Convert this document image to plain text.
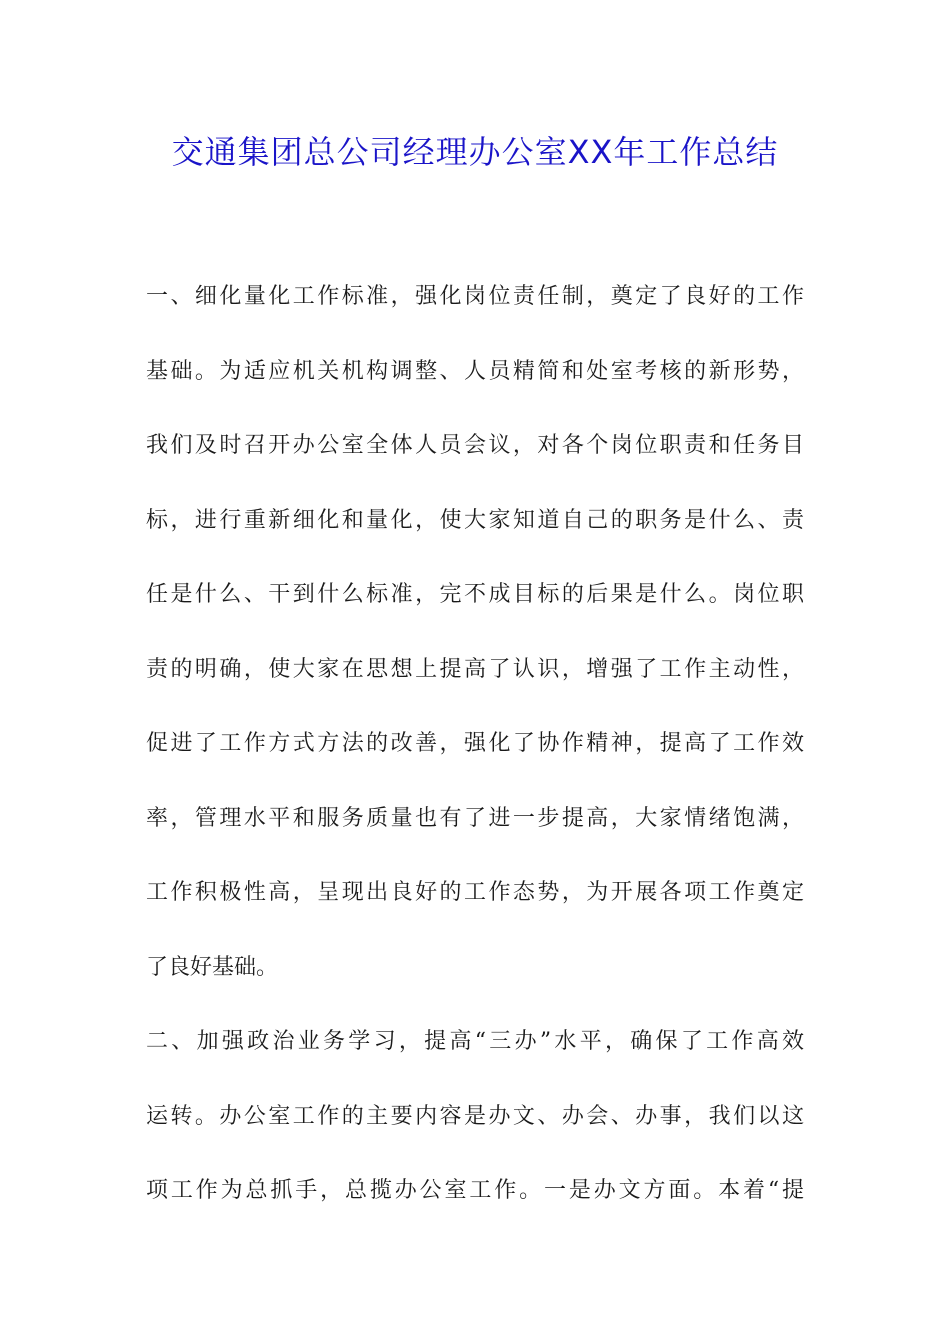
交通集团总公司经理办公室XX年工作总结
一、细化量化工作标准，强化岗位责任制，奠定了良好的工作
基础。为适应机关机构调整、人员精简和处室考核的新形势，
我们及时召开办公室全体人员会议，对各个岗位职责和任务目
标，进行重新细化和量化，使大家知道自己的职务是什么、责
任是什么、干到什么标准，完不成目标的后果是什么。岗位职
责的明确，使大家在思想上提高了认识，增强了工作主动性，
促进了工作方式方法的改善，强化了协作精神，提高了工作效
率，管理水平和服务质量也有了进一步提高，大家情绪饱满，
工作积极性高，呈现出良好的工作态势，为开展各项工作奠定
了良好基础。
二、加强政治业务学习，提高“三办”水平，确保了工作高效
运转。办公室工作的主要内容是办文、办会、办事，我们以这
项工作为总抓手，总揽办公室工作。一是办文方面。本着“提
